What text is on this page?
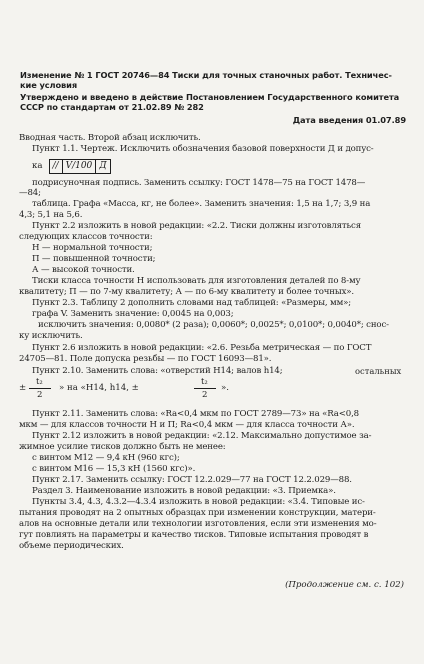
Изменение № 1 ГОСТ 20746—84 Тиски для точных станочных работ. Техничес-
кие условия
Утверждено и введено в действие Постановлением Государственного комитета
СССР по стандартам от 21.02.89 № 282
Дата введения 01.07.89
Вводная часть. Второй абзац исключить.
Пункт 1.1. Чертеж. Исключить обозначения базовой поверхности Д и допус-
ка	// V/100 Д
подрисуночная подпись. Заменить ссылку: ГОСТ 1478—75 на ГОСТ 1478—
—84;
таблица. Графа «Масса, кг, не более». Заменить значения: 1,5 на 1,7; 3,9 на
4,3; 5,1 на 5,6.
Пункт 2.2 изложить в новой редакции: «2.2. Тиски должны изготовляться
следующих классов точности:
Н — нормальной точности;
П — повышенной точности;
А — высокой точности.
Тиски класса точности Н использовать для изготовления деталей по 8-му
квалитету; П — по 7-му квалитету; А — по 6-му квалитету и более точных».
Пункт 2.3. Таблицу 2 дополнить словами над таблицей: «Размеры, мм»;
графа V. Заменить значение: 0,0045 на 0,003;
исключить значения: 0,0080* (2 раза); 0,0060*; 0,0025*; 0,0100*; 0,0040*; снос-
ку исключить.
Пункт 2.6 изложить в новой редакции: «2.6. Резьба метрическая — по ГОСТ
24705—81. Поле допуска резьбы — по ГОСТ 16093—81».
Пункт 2.10. Заменить слова: «отверстий Н14; валов h14;	остальных
±
t₂
2
» на «Н14, h14, ±
t₂
2
».
Пункт 2.11. Заменить слова: «Ra<0,4 мкм по ГОСТ 2789—73» на «Ra<0,8
мкм — для классов точности Н и П; Ra<0,4 мкм — для класса точности А».
Пункт 2.12 изложить в новой редакции: «2.12. Максимально допустимое за-
жимное усилие тисков должно быть не менее:
с винтом М12 — 9,4 кН (960 кгс);
с винтом М16 — 15,3 кН (1560 кгс)».
Пункт 2.17. Заменить ссылку: ГОСТ 12.2.029—77 на ГОСТ 12.2.029—88.
Раздел 3. Наименование изложить в новой редакции: «3. Приемка».
Пункты 3.4, 4.3, 4.3.2—4.3.4 изложить в новой редакции: «3.4. Типовые ис-
пытания проводят на 2 опытных образцах при изменении конструкции, матери-
алов на основные детали или технологии изготовления, если эти изменения мо-
гут повлиять на параметры и качество тисков. Типовые испытания проводят в
объеме периодических.
(Продолжение см. с. 102)
